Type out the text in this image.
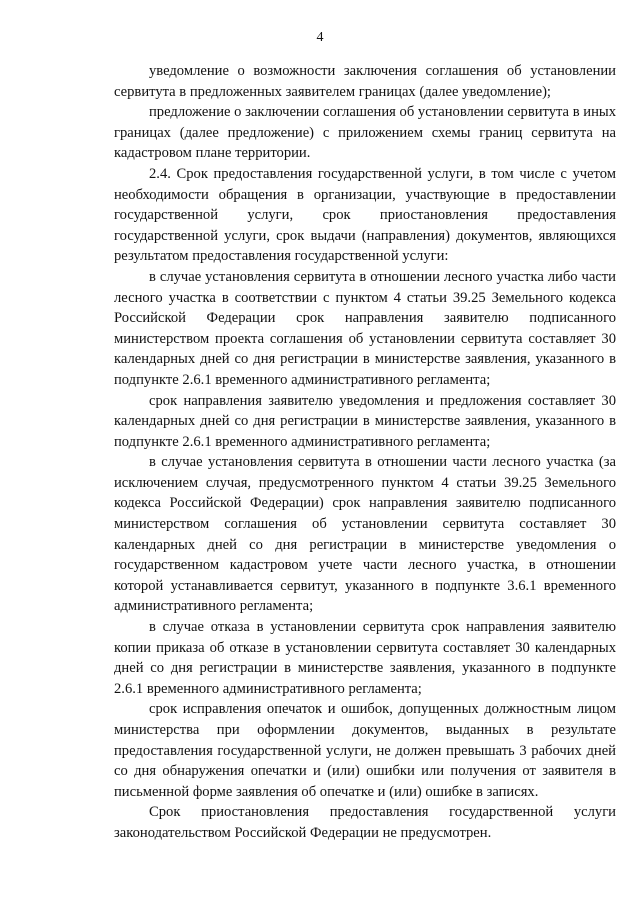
4

уведомление о возможности заключения соглашения об установлении сервитута в предложенных заявителем границах (далее уведомление);

предложение о заключении соглашения об установлении сервитута в иных границах (далее предложение) с приложением схемы границ сервитута на кадастровом плане территории.

2.4. Срок предоставления государственной услуги, в том числе с учетом необходимости обращения в организации, участвующие в предоставлении государственной услуги, срок приостановления предоставления государственной услуги, срок выдачи (направления) документов, являющихся результатом предоставления государственной услуги:

в случае установления сервитута в отношении лесного участка либо части лесного участка в соответствии с пунктом 4 статьи 39.25 Земельного кодекса Российской Федерации срок направления заявителю подписанного министерством проекта соглашения об установлении сервитута составляет 30 календарных дней со дня регистрации в министерстве заявления, указанного в подпункте 2.6.1 временного административного регламента;

срок направления заявителю уведомления и предложения составляет 30 календарных дней со дня регистрации в министерстве заявления, указанного в подпункте 2.6.1 временного административного регламента;

в случае установления сервитута в отношении части лесного участка (за исключением случая, предусмотренного пунктом 4 статьи 39.25 Земельного кодекса Российской Федерации) срок направления заявителю подписанного министерством соглашения об установлении сервитута составляет 30 календарных дней со дня регистрации в министерстве уведомления о государственном кадастровом учете части лесного участка, в отношении которой устанавливается сервитут, указанного в подпункте 3.6.1 временного административного регламента;

в случае отказа в установлении сервитута срок направления заявителю копии приказа об отказе в установлении сервитута составляет 30 календарных дней со дня регистрации в министерстве заявления, указанного в подпункте 2.6.1 временного административного регламента;

срок исправления опечаток и ошибок, допущенных должностным лицом министерства при оформлении документов, выданных в результате предоставления государственной услуги, не должен превышать 3 рабочих дней со дня обнаружения опечатки и (или) ошибки или получения от заявителя в письменной форме заявления об опечатке и (или) ошибке в записях.

Срок приостановления предоставления государственной услуги законодательством Российской Федерации не предусмотрен.
